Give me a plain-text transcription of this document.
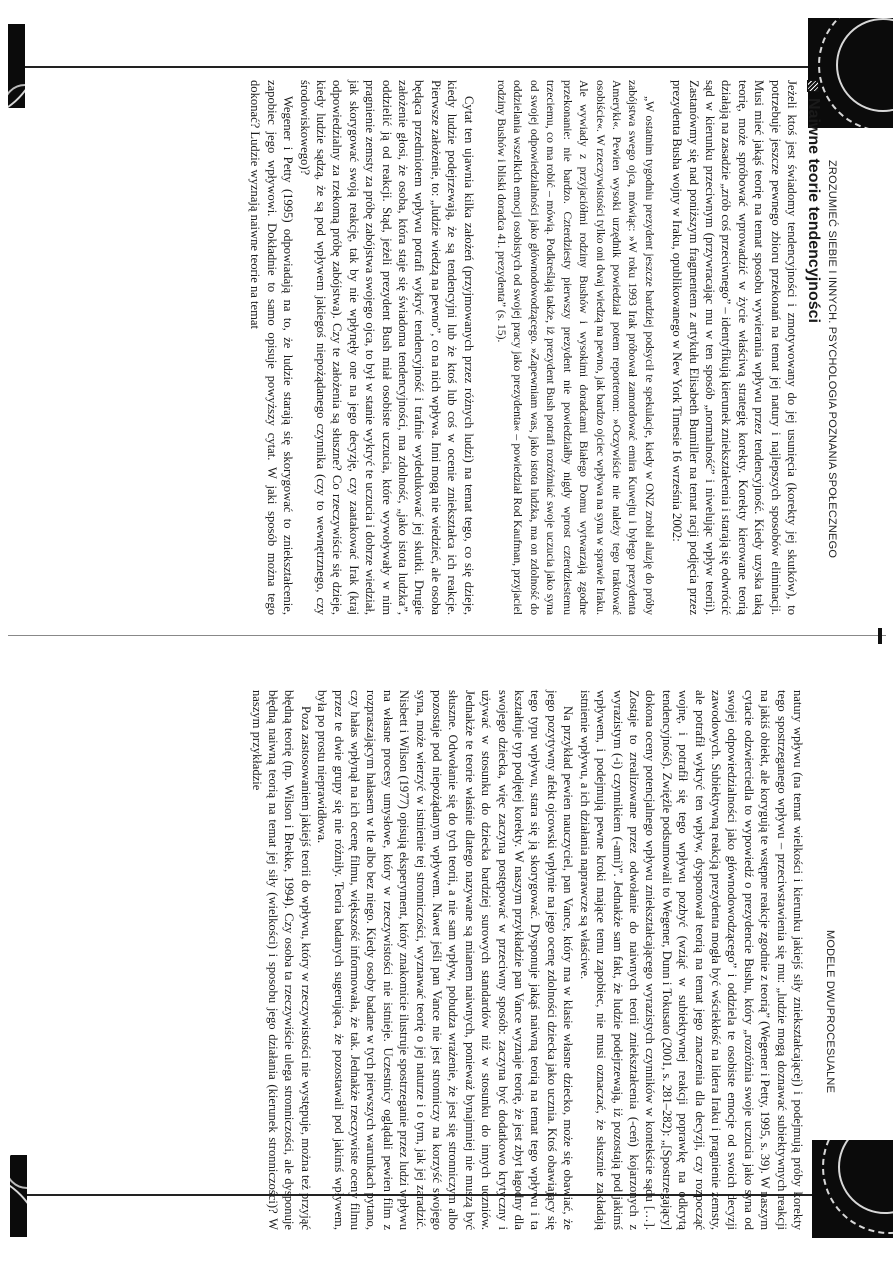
ZROZUMIEĆ SIEBIE I INNYCH. PSYCHOLOGIA POZNANIA SPOŁECZNEGO
Naiwne teorie tendencyjności

Jeżeli ktoś jest świadomy tendencyjności i zmotywowany do jej usunięcia (korekty jej skutków), to potrzebuje jeszcze pewnego zbioru przekonań na temat jej natury i najlepszych sposobów eliminacji. Musi mieć jakąś teorię na temat sposobu wywierania wpływu przez tendencyjność. Kiedy uzyska taką teorię, może spróbować wprowadzić w życie właściwą strategię korekty. Korekty kierowane teorią działają na zasadzie „zrób coś przeciwnego” – identyfikują kierunek zniekształcenia i starają się odwrócić sąd w kierunku przeciwnym (przywracając mu w ten sposób „normalność” i niwelując wpływ teorii). Zastanówmy się nad poniższym fragmentem z artykułu Elisabeth Bumiller na temat racji podjęcia przez prezydenta Busha wojny w Iraku, opublikowanego w New York Timesie 16 września 2002:

„W ostatnim tygodniu prezydent jeszcze bardziej podsycił te spekulacje, kiedy w ONZ zrobił aluzję do próby zabójstwa swego ojca, mówiąc: »W roku 1993 Irak próbował zamordować emira Kuwejtu i byłego prezydenta Ameryki«. Pewien wysoki urzędnik powiedział potem reporterom: »Oczywiście nie należy tego traktować osobiście«. W rzeczywistości tylko oni dwaj wiedzą na pewno, jak bardzo ojciec wpływa na syna w sprawie Iraku. Ale wywiady z przyjaciółmi rodziny Bushów i wysokimi doradcami Białego Domu wytwarzają zgodne przekonanie: nie bardzo. Czterdziesty pierwszy prezydent nie powiedziałby nigdy wprost czterdziestemu trzeciemu, co ma robić – mówią. Podkreślają także, iż prezydent Bush potrafi rozróżniać swoje uczucia jako syna od swojej odpowiedzialności jako głównodowodzącego. »Zapewniam was, jako istota ludzka, ma on zdolność do oddzielania wszelkich emocji osobistych od swojej pracy jako prezydenta« – powiedział Rod Kaufman, przyjaciel rodziny Bushów i bliski doradca 41. prezydenta” (s. 15).

Cytat ten ujawnia kilka założeń (przyjmowanych przez różnych ludzi) na temat tego, co się dzieje, kiedy ludzie podejrzewają, że są tendencyjni lub że ktoś lub coś w ocenie zniekształca ich reakcje. Pierwsze założenie, to: „ludzie wiedzą na pewno”, co na nich wpływa. Inni mogą nie wiedzieć, ale osoba będąca przedmiotem wpływu potrafi wykryć tendencyjność i trafnie wydedukować jej skutki. Drugie założenie głosi, że osoba, która staje się świadoma tendencyjności, ma zdolność, „jako istota ludzka”, oddzielić ją od reakcji. Stąd, jeżeli prezydent Bush miał osobiste uczucia, które wywoływały w nim pragnienie zemsty za próbę zabójstwa swojego ojca, to był w stanie wykryć te uczucia i dobrze wiedział, jak skorygować swoją reakcję, tak by nie wpłynęły one na jego decyzję, czy zaatakować Irak (kraj odpowiedzialny za rzekomą próbę zabójstwa). Czy te założenia są słuszne? Co rzeczywiście się dzieje, kiedy ludzie sądzą, że są pod wpływem jakiegoś niepożądanego czynnika (czy to wewnętrznego, czy środowiskowego)?

Wegener i Petty (1995) odpowiadają na to, że ludzie starają się skorygować to zniekształcenie, zapobiec jego wpływowi. Dokładnie to samo opisuje powyższy cytat. W jaki sposób można tego dokonać? Ludzie wyznają naiwne teorie na temat

MODELE DWUPROCESUALNE

natury wpływu (na temat wielkości i kierunku jakiejś siły zniekształcającej) i podejmują próby korekty tego spostrzeganego wpływu – przeciwstawienia się mu: „ludzie mogą doznawać subiektywnych reakcji na jakiś obiekt, ale korygują te wstępne reakcje zgodnie z teorią” (Wegener i Petty, 1995, s. 39). W naszym cytacie odzwierciedla to wypowiedź o prezydencie Bushu, który „rozróżnia swoje uczucia jako syna od swojej odpowiedzialności jako głównodowodzącego” i oddziela te osobiste emocje od swoich decyzji zawodowych. Subiektywną reakcją prezydenta mogła być wściekłość na lidera Iraku i pragnienie zemsty, ale potrafił wykryć ten wpływ, dysponował teorią na temat jego znaczenia dla decyzji, czy rozpocząć wojnę, i potrafił się tego wpływu pozbyć (wziąć w subiektywnej reakcji poprawkę na odkrytą tendencyjność). Zwięźle podsumowali to Wegener, Dunn i Tokusato (2001, s. 281–282): „[Spostrzegający] dokona oceny potencjalnego wpływu zniekształcającego wyrazistych czynników w kontekście sądu […]. Zostaje to zrealizowane przez odwołanie do naiwnych teorii zniekształcenia (-ceń) kojarzonych z wyrazistym (-i) czynnikiem (-ami)”. Jednakże sam fakt, że ludzie podejrzewają, iż pozostają pod jakimś wpływem, i podejmują pewne kroki mające temu zapobiec, nie musi oznaczać, że słusznie zakładają istnienie wpływu, a ich działania naprawcze są właściwe.

Na przykład pewien nauczyciel, pan Vance, który ma w klasie własne dziecko, może się obawiać, że jego pozytywny afekt ojcowski wpłynie na jego ocenę zdolności dziecka jako ucznia. Ktoś obawiający się tego typu wpływu, stara się ją skorygować. Dysponuje jakąś naiwną teorią na temat tego wpływu i ta kształtuje typ podjętej korekty. W naszym przykładzie pan Vance wyznaje teorię, że jest zbyt łagodny dla swojego dziecka, więc zaczyna postępować w przeciwny sposób: zaczyna być dodatkowo krytyczny i używać w stosunku do dziecka bardziej surowych standardów niż w stosunku do innych uczniów. Jednakże te teorie właśnie dlatego nazywane są mianem naiwnych, ponieważ bynajmniej nie muszą być słuszne. Odwołanie się do tych teorii, a nie sam wpływ, pobudza wrażenie, że jest się stronniczym albo pozostaje pod niepożądanym wpływem. Nawet jeśli pan Vance nie jest stronniczy na korzyść swojego syna, może wierzyć w istnienie tej stronniczości, wyznawać teorię o jej naturze i o tym, jak jej zaradzić. Nisbett i Wilson (1977) opisują eksperyment, który znakomicie ilustruje spostrzeganie przez ludzi wpływu na własne procesy umysłowe, który w rzeczywistości nie istnieje. Uczestnicy oglądali pewien film z rozpraszającym hałasem w tle albo bez niego. Kiedy osoby badane w tych pierwszych warunkach pytano, czy hałas wpłynął na ich ocenę filmu, większość informowała, że tak. Jednakże rzeczywiste oceny filmu przez te dwie grupy się nie różniły. Teoria badanych sugerująca, że pozostawali pod jakimś wpływem, była po prostu nieprawidłowa.

Poza zastosowaniem jakiejś teorii do wpływu, który w rzeczywistości nie występuje, można też przyjąć błędną teorię (np. Wilson i Brekke, 1994). Czy osoba ta rzeczywiście ulega stronniczości, ale dysponuje błędną naiwną teorią na temat jej siły (wielkości) i sposobu jego działania (kierunek stronniczości)? W naszym przykładzie
